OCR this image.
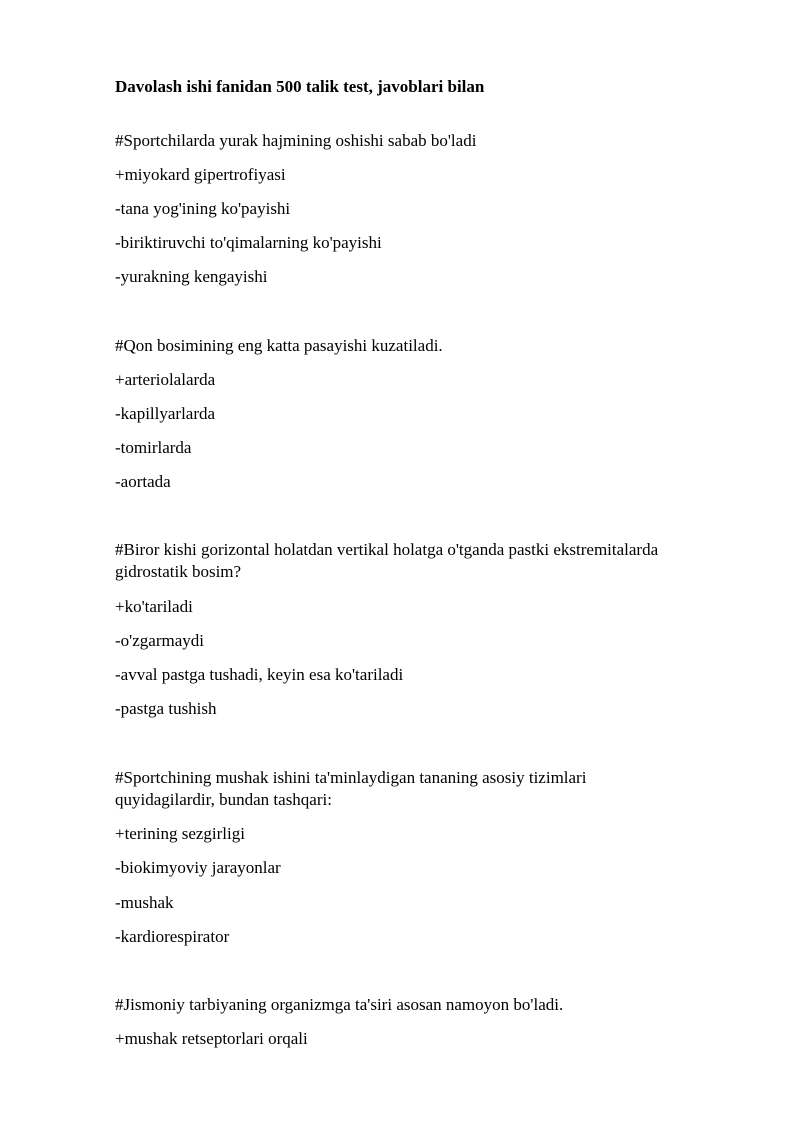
Davolash ishi fanidan 500 talik test, javoblari bilan
#Sportchilarda yurak hajmining oshishi sabab bo'ladi
+miyokard gipertrofiyasi
-tana yog'ining ko'payishi
-biriktiruvchi to'qimalarning ko'payishi
-yurakning kengayishi
#Qon bosimining eng katta pasayishi kuzatiladi.
+arteriolalarda
-kapillyarlarda
-tomirlarda
-aortada
#Biror kishi gorizontal holatdan vertikal holatga o'tganda pastki ekstremitalarda
gidrostatik bosim?
+ko'tariladi
-o'zgarmaydi
-avval pastga tushadi, keyin esa ko'tariladi
-pastga tushish
#Sportchining mushak ishini ta'minlaydigan tananing asosiy tizimlari
quyidagilardir, bundan tashqari:
+terining sezgirligi
-biokimyoviy jarayonlar
-mushak
-kardiorespirator
#Jismoniy tarbiyaning organizmga ta'siri asosan namoyon bo'ladi.
+mushak retseptorlari orqali
